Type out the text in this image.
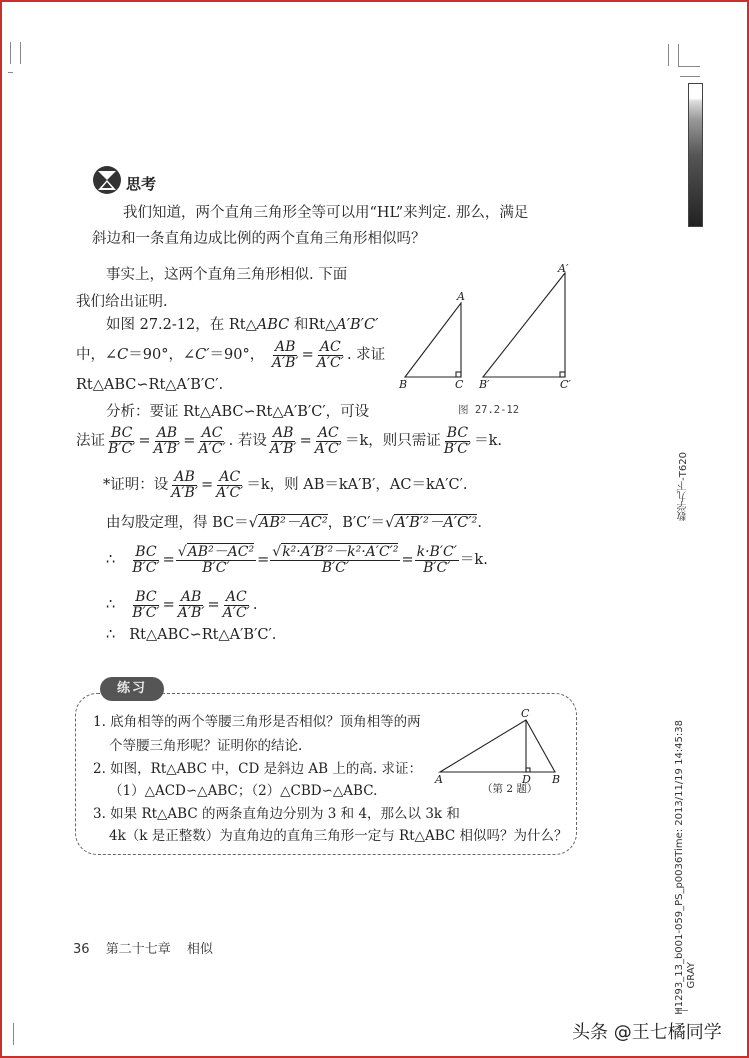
思考
我们知道，两个直角三角形全等可以用“HL”来判定. 那么，满足
斜边和一条直角边成比例的两个直角三角形相似吗？
事实上，这两个直角三角形相似. 下面
我们给出证明.
如图 27.2-12，在 Rt△ABC 和Rt△A′B′C′
中，∠C＝90°，∠C′＝90°， $\frac{AB}{A'B'} = \frac{AC}{A'C'}$ . 求证
Rt△ABC∽Rt△A′B′C′.
A
B	C
A′
B′	C′
图 27.2-12
分析：要证 Rt△ABC∽Rt△A′B′C′，可设
法证 $\frac{BC}{B'C'} = \frac{AB}{A'B'} = \frac{AC}{A'C'}$ . 若设 $\frac{AB}{A'B'} = \frac{AC}{A'C'} =k$，则只需证 $\frac{BC}{B'C'} =k$.
*证明：设 $\frac{AB}{A'B'} = \frac{AC}{A'C'} =k$，则 AB＝kA′B′，AC＝kA′C′.
由勾股定理，得 BC＝√AB²－AC²，B′C′＝√A′B′²－A′C′².
∴ $\frac{BC}{B'C'} = \frac{\text{√AB²－AC²}}{B'C'} = \frac{\text{√k²·A′B′²－k²·A′C′²}}{B'C'} = \frac{k\cdot B'C'}{B'C'} =k$.
∴ $\frac{BC}{B'C'} = \frac{AB}{A'B'} = \frac{AC}{A'C'}$ .
∴ Rt△ABC∽Rt△A′B′C′.
练习
1. 底角相等的两个等腰三角形是否相似？顶角相等的两
个等腰三角形呢？证明你的结论.
2. 如图，Rt△ABC 中，CD 是斜边 AB 上的高. 求证：
（1）△ACD∽△ABC；（2）△CBD∽△ABC.
3. 如果 Rt△ABC 的两条直角边分别为 3 和 4，那么以 3k 和
4k（k 是正整数）为直角边的直角三角形一定与 Rt△ABC 相似吗？为什么？
C
A	D B
（第 2 题）
36 第二十七章 相似
数学九下-T620
H1293_13_b001-059_PS_p0036Time: 2013/11/19 14:45:38 GRAY
头条 @王七橘同学
